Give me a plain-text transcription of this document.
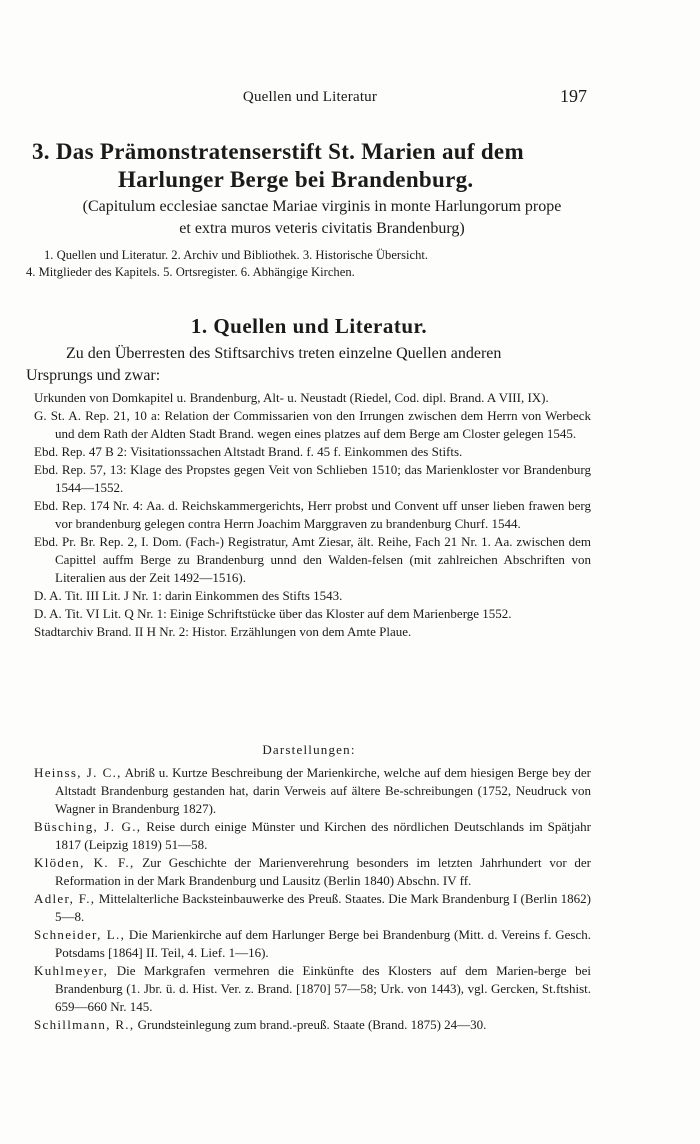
Quellen und Literatur	197
3. Das Prämonstratenserstift St. Marien auf dem
Harlunger Berge bei Brandenburg.
(Capitulum ecclesiae sanctae Mariae virginis in monte Harlungorum prope
et extra muros veteris civitatis Brandenburg)
1. Quellen und Literatur. 2. Archiv und Bibliothek. 3. Historische Übersicht.
4. Mitglieder des Kapitels. 5. Ortsregister. 6. Abhängige Kirchen.
1. Quellen und Literatur.
Zu den Überresten des Stiftsarchivs treten einzelne Quellen anderen
Ursprungs und zwar:

Urkunden von Domkapitel u. Brandenburg, Alt- u. Neustadt (Riedel, Cod. dipl. Brand. A VIII, IX).

G. St. A. Rep. 21, 10 a: Relation der Commissarien von den Irrungen zwischen dem Herrn von Werbeck und dem Rath der Aldten Stadt Brand. wegen eines platzes auf dem Berge am Closter gelegen 1545.

Ebd. Rep. 47 B 2: Visitationssachen Altstadt Brand. f. 45 f. Einkommen des Stifts.

Ebd. Rep. 57, 13: Klage des Propstes gegen Veit von Schlieben 1510; das Marienkloster vor Brandenburg 1544—1552.

Ebd. Rep. 174 Nr. 4: Aa. d. Reichskammergerichts, Herr probst und Convent uff unser lieben frawen berg vor brandenburg gelegen contra Herrn Joachim Marggraven zu brandenburg Churf. 1544.

Ebd. Pr. Br. Rep. 2, I. Dom. (Fach-) Registratur, Amt Ziesar, ält. Reihe, Fach 21 Nr. 1. Aa. zwischen dem Capittel auffm Berge zu Brandenburg unnd den Walden-felsen (mit zahlreichen Abschriften von Literalien aus der Zeit 1492—1516).

D. A. Tit. III Lit. J Nr. 1: darin Einkommen des Stifts 1543.

D. A. Tit. VI Lit. Q Nr. 1: Einige Schriftstücke über das Kloster auf dem Marienberge 1552.

Stadtarchiv Brand. II H Nr. 2: Histor. Erzählungen von dem Amte Plaue.

Darstellungen:

Heinss, J. C., Abriß u. Kurtze Beschreibung der Marienkirche, welche auf dem hiesigen Berge bey der Altstadt Brandenburg gestanden hat, darin Verweis auf ältere Be-schreibungen (1752, Neudruck von Wagner in Brandenburg 1827).

Büsching, J. G., Reise durch einige Münster und Kirchen des nördlichen Deutschlands im Spätjahr 1817 (Leipzig 1819) 51—58.

Klöden, K. F., Zur Geschichte der Marienverehrung besonders im letzten Jahrhundert vor der Reformation in der Mark Brandenburg und Lausitz (Berlin 1840) Abschn. IV ff.

Adler, F., Mittelalterliche Backsteinbauwerke des Preuß. Staates. Die Mark Brandenburg I (Berlin 1862) 5—8.

Schneider, L., Die Marienkirche auf dem Harlunger Berge bei Brandenburg (Mitt. d. Vereins f. Gesch. Potsdams [1864] II. Teil, 4. Lief. 1—16).

Kuhlmeyer, Die Markgrafen vermehren die Einkünfte des Klosters auf dem Marien-berge bei Brandenburg (1. Jbr. ü. d. Hist. Ver. z. Brand. [1870] 57—58; Urk. von 1443), vgl. Gercken, St.ftshist. 659—660 Nr. 145.

Schillmann, R., Grundsteinlegung zum brand.-preuß. Staate (Brand. 1875) 24—30.
